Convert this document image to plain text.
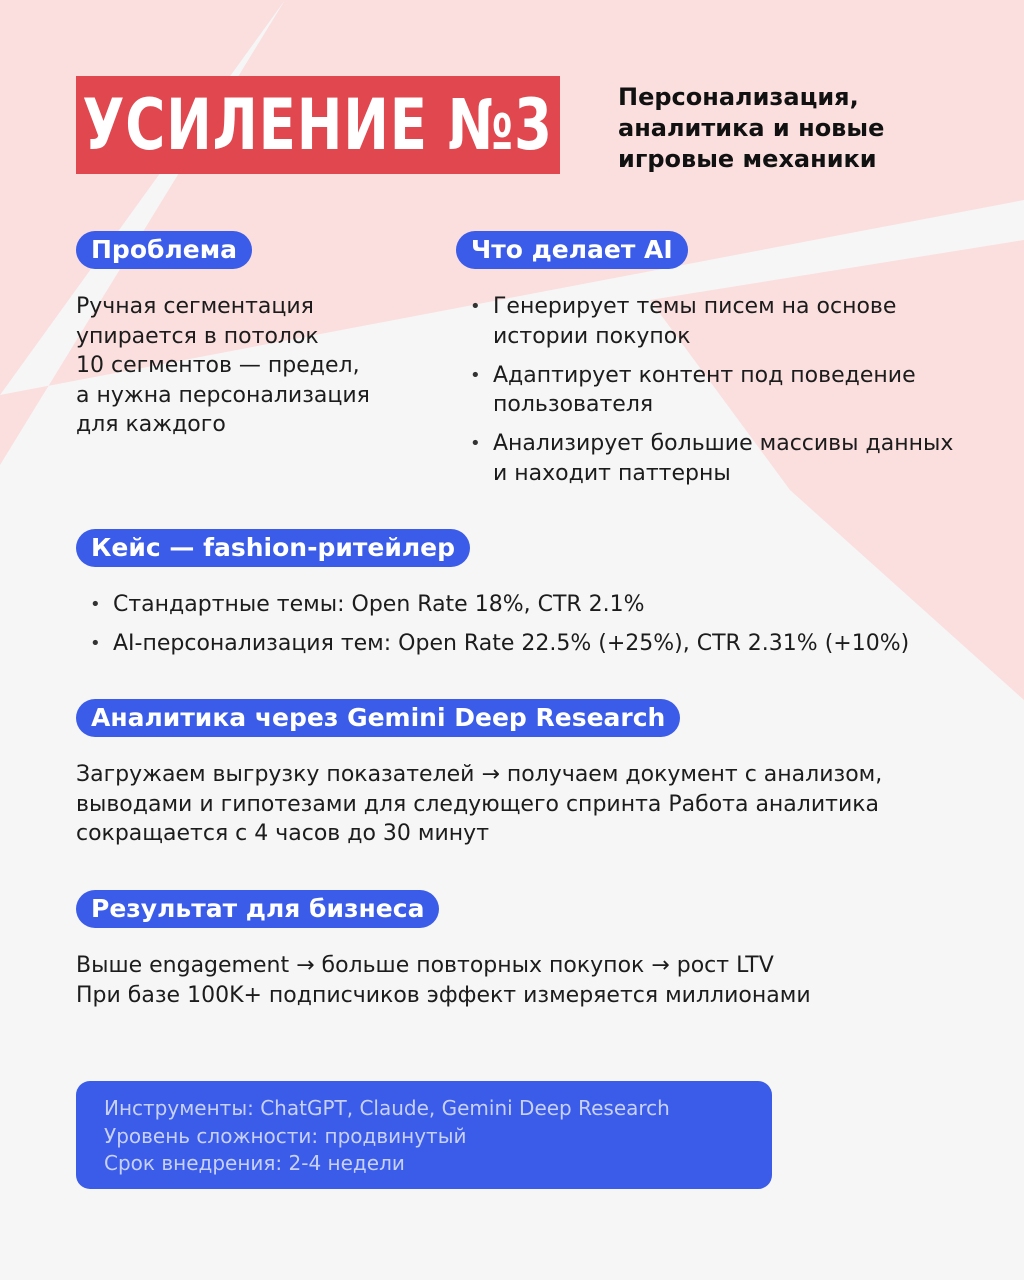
УСИЛЕНИЕ №3	Персонализация,
аналитика и новые
игровые механики
Проблема
Ручная сегментация
упирается в потолок
10 сегментов — предел,
а нужна персонализация
для каждого
Что делает AI
• Генерирует темы писем на основе истории покупок
• Адаптирует контент под поведение пользователя
• Анализирует большие массивы данных и находит паттерны
Кейс — fashion-ритейлер
• Стандартные темы: Open Rate 18%, CTR 2.1%
• AI-персонализация тем: Open Rate 22.5% (+25%), CTR 2.31% (+10%)
Аналитика через Gemini Deep Research
Загружаем выгрузку показателей → получаем документ с анализом,
выводами и гипотезами для следующего спринта Работа аналитика
сокращается с 4 часов до 30 минут
Результат для бизнеса
Выше engagement → больше повторных покупок → рост LTV
При базе 100K+ подписчиков эффект измеряется миллионами
Инструменты: ChatGPT, Claude, Gemini Deep Research
Уровень сложности: продвинутый
Срок внедрения: 2-4 недели
